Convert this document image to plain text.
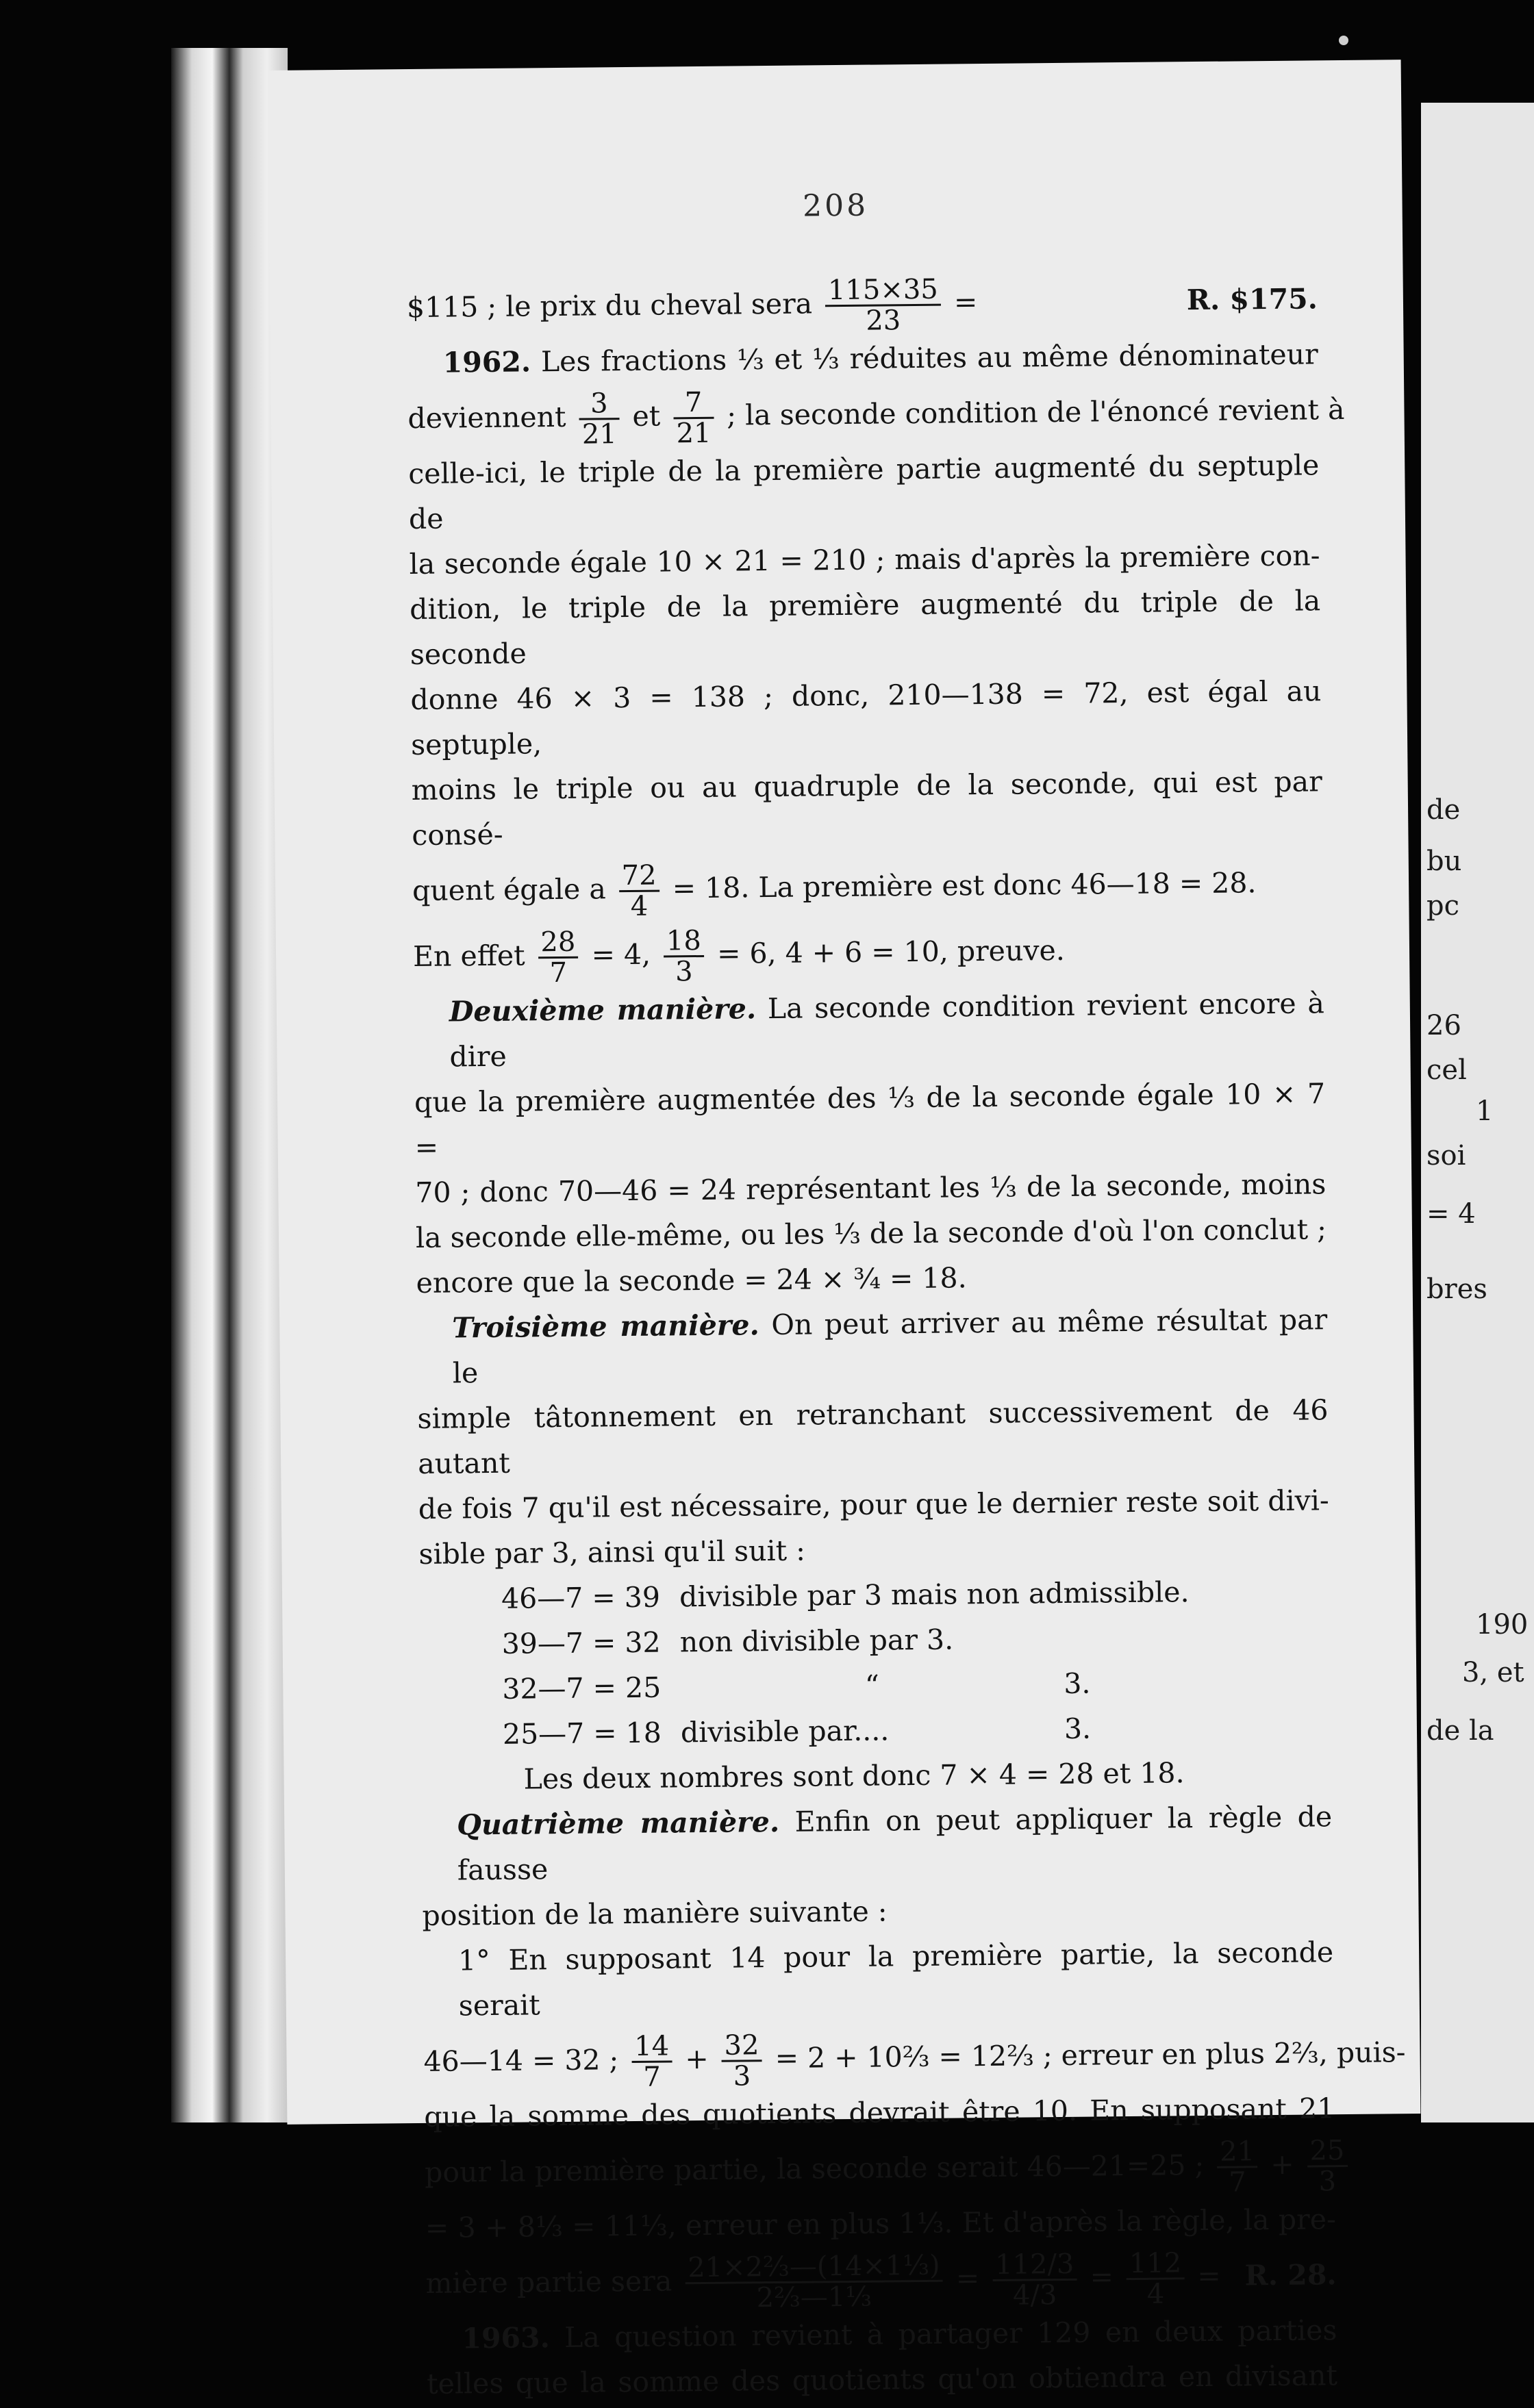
208
$115 ; le prix du cheval sera $\frac{115\times 35}{23}$ =	R. $175.
1962. Les fractions ⅓ et ⅓ réduites au même dénominateur
deviennent $\frac{3}{21}$ et $\frac{7}{21}$ ; la seconde condition de l'énoncé revient à
celle-ici, le triple de la première partie augmenté du septuple de
la seconde égale 10 × 21 = 210 ; mais d'après la première con-
dition, le triple de la première augmenté du triple de la seconde
donne 46 × 3 = 138 ; donc, 210—138 = 72, est égal au septuple,
moins le triple ou au quadruple de la seconde, qui est par consé-
quent égale a $\frac{72}{4} = 18$. La première est donc 46—18 = 28.
En effet $\frac{28}{7} = 4$, $\frac{18}{3} = 6$, 4 + 6 = 10, preuve.
Deuxième manière. La seconde condition revient encore à dire
que la première augmentée des ⅓ de la seconde égale 10 × 7 =
70 ; donc 70—46 = 24 représentant les ⅓ de la seconde, moins
la seconde elle-même, ou les ⅓ de la seconde d'où l'on conclut ;
encore que la seconde = 24 × ¾ = 18.
Troisième manière. On peut arriver au même résultat par le
simple tâtonnement en retranchant successivement de 46 autant
de fois 7 qu'il est nécessaire, pour que le dernier reste soit divi-
sible par 3, ainsi qu'il suit :
46—7 = 39 divisible par 3 mais non admissible.
39—7 = 32 non divisible par 3.
32—7 = 25	“	3.
25—7 = 18 divisible par....	3.
Les deux nombres sont donc 7 × 4 = 28 et 18.
Quatrième manière. Enfin on peut appliquer la règle de fausse
position de la manière suivante :
1° En supposant 14 pour la première partie, la seconde serait
46—14 = 32 ; $\frac{14}{7} + \frac{32}{3} = 2$ + 10⅔ = 12⅔ ; erreur en plus 2⅔, puis-
que la somme des quotients devrait être 10. En supposant 21
pour la première partie, la seconde serait 46—21=25 ; $\frac{21}{7} + \frac{25}{3}$
= 3 + 8⅓ = 11⅓, erreur en plus 1⅓. Et d'après la règle, la pre-
mière partie sera $\frac{\text{21×2⅔—(14×1⅓)}}{\text{2⅔—1⅓}} = \frac{112/3}{4/3} = \frac{112}{4} = R$. 28.
1963. La question revient à partager 129 en deux parties
telles que la somme des quotients qu'on obtiendra en divisant
de
bu
pc
26
cel
1
soi
= 4
bres
190
3, et
de la
